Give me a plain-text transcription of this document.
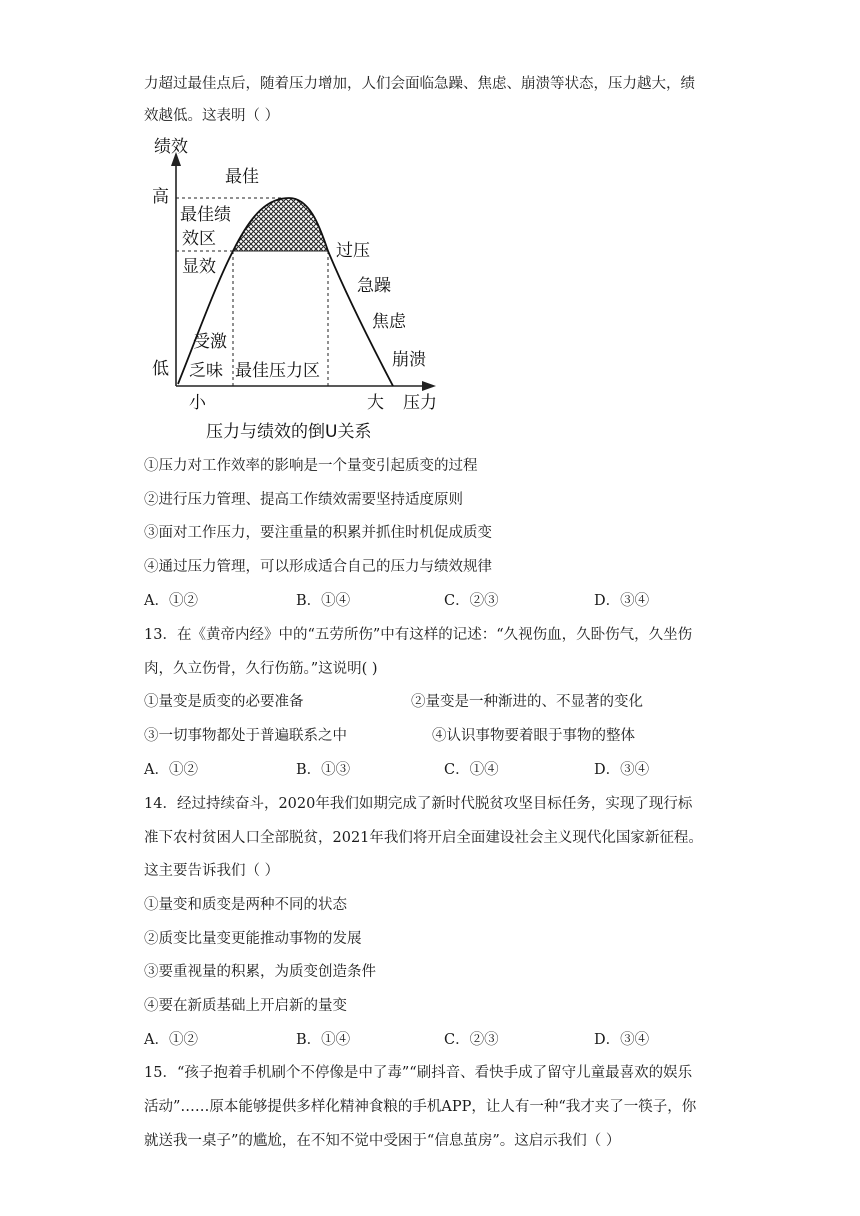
力超过最佳点后，随着压力增加，人们会面临急躁、焦虑、崩溃等状态，压力越大，绩
效越低。这表明（ ）
绩效
高
低
最佳
最佳绩
效区
显效
受激
乏味 最佳压力区
过压
急躁
焦虑
崩溃
小	大 压力
压力与绩效的倒U关系
①压力对工作效率的影响是一个量变引起质变的过程
②进行压力管理、提高工作绩效需要坚持适度原则
③面对工作压力，要注重量的积累并抓住时机促成质变
④通过压力管理，可以形成适合自己的压力与绩效规律
A．①②	B．①④	C．②③	D．③④
13．在《黄帝内经》中的“五劳所伤”中有这样的记述：“久视伤血，久卧伤气，久坐伤
肉，久立伤骨，久行伤筋。”这说明( )
①量变是质变的必要准备	②量变是一种渐进的、不显著的变化
③一切事物都处于普遍联系之中	④认识事物要着眼于事物的整体
A．①②	B．①③	C．①④	D．③④
14．经过持续奋斗，2020年我们如期完成了新时代脱贫攻坚目标任务，实现了现行标
准下农村贫困人口全部脱贫，2021年我们将开启全面建设社会主义现代化国家新征程。
这主要告诉我们（ ）
①量变和质变是两种不同的状态
②质变比量变更能推动事物的发展
③要重视量的积累，为质变创造条件
④要在新质基础上开启新的量变
A．①②	B．①④	C．②③	D．③④
15．“孩子抱着手机刷个不停像是中了毒”“刷抖音、看快手成了留守儿童最喜欢的娱乐
活动”……原本能够提供多样化精神食粮的手机APP，让人有一种“我才夹了一筷子，你
就送我一桌子”的尴尬，在不知不觉中受困于“信息茧房”。这启示我们（ ）
